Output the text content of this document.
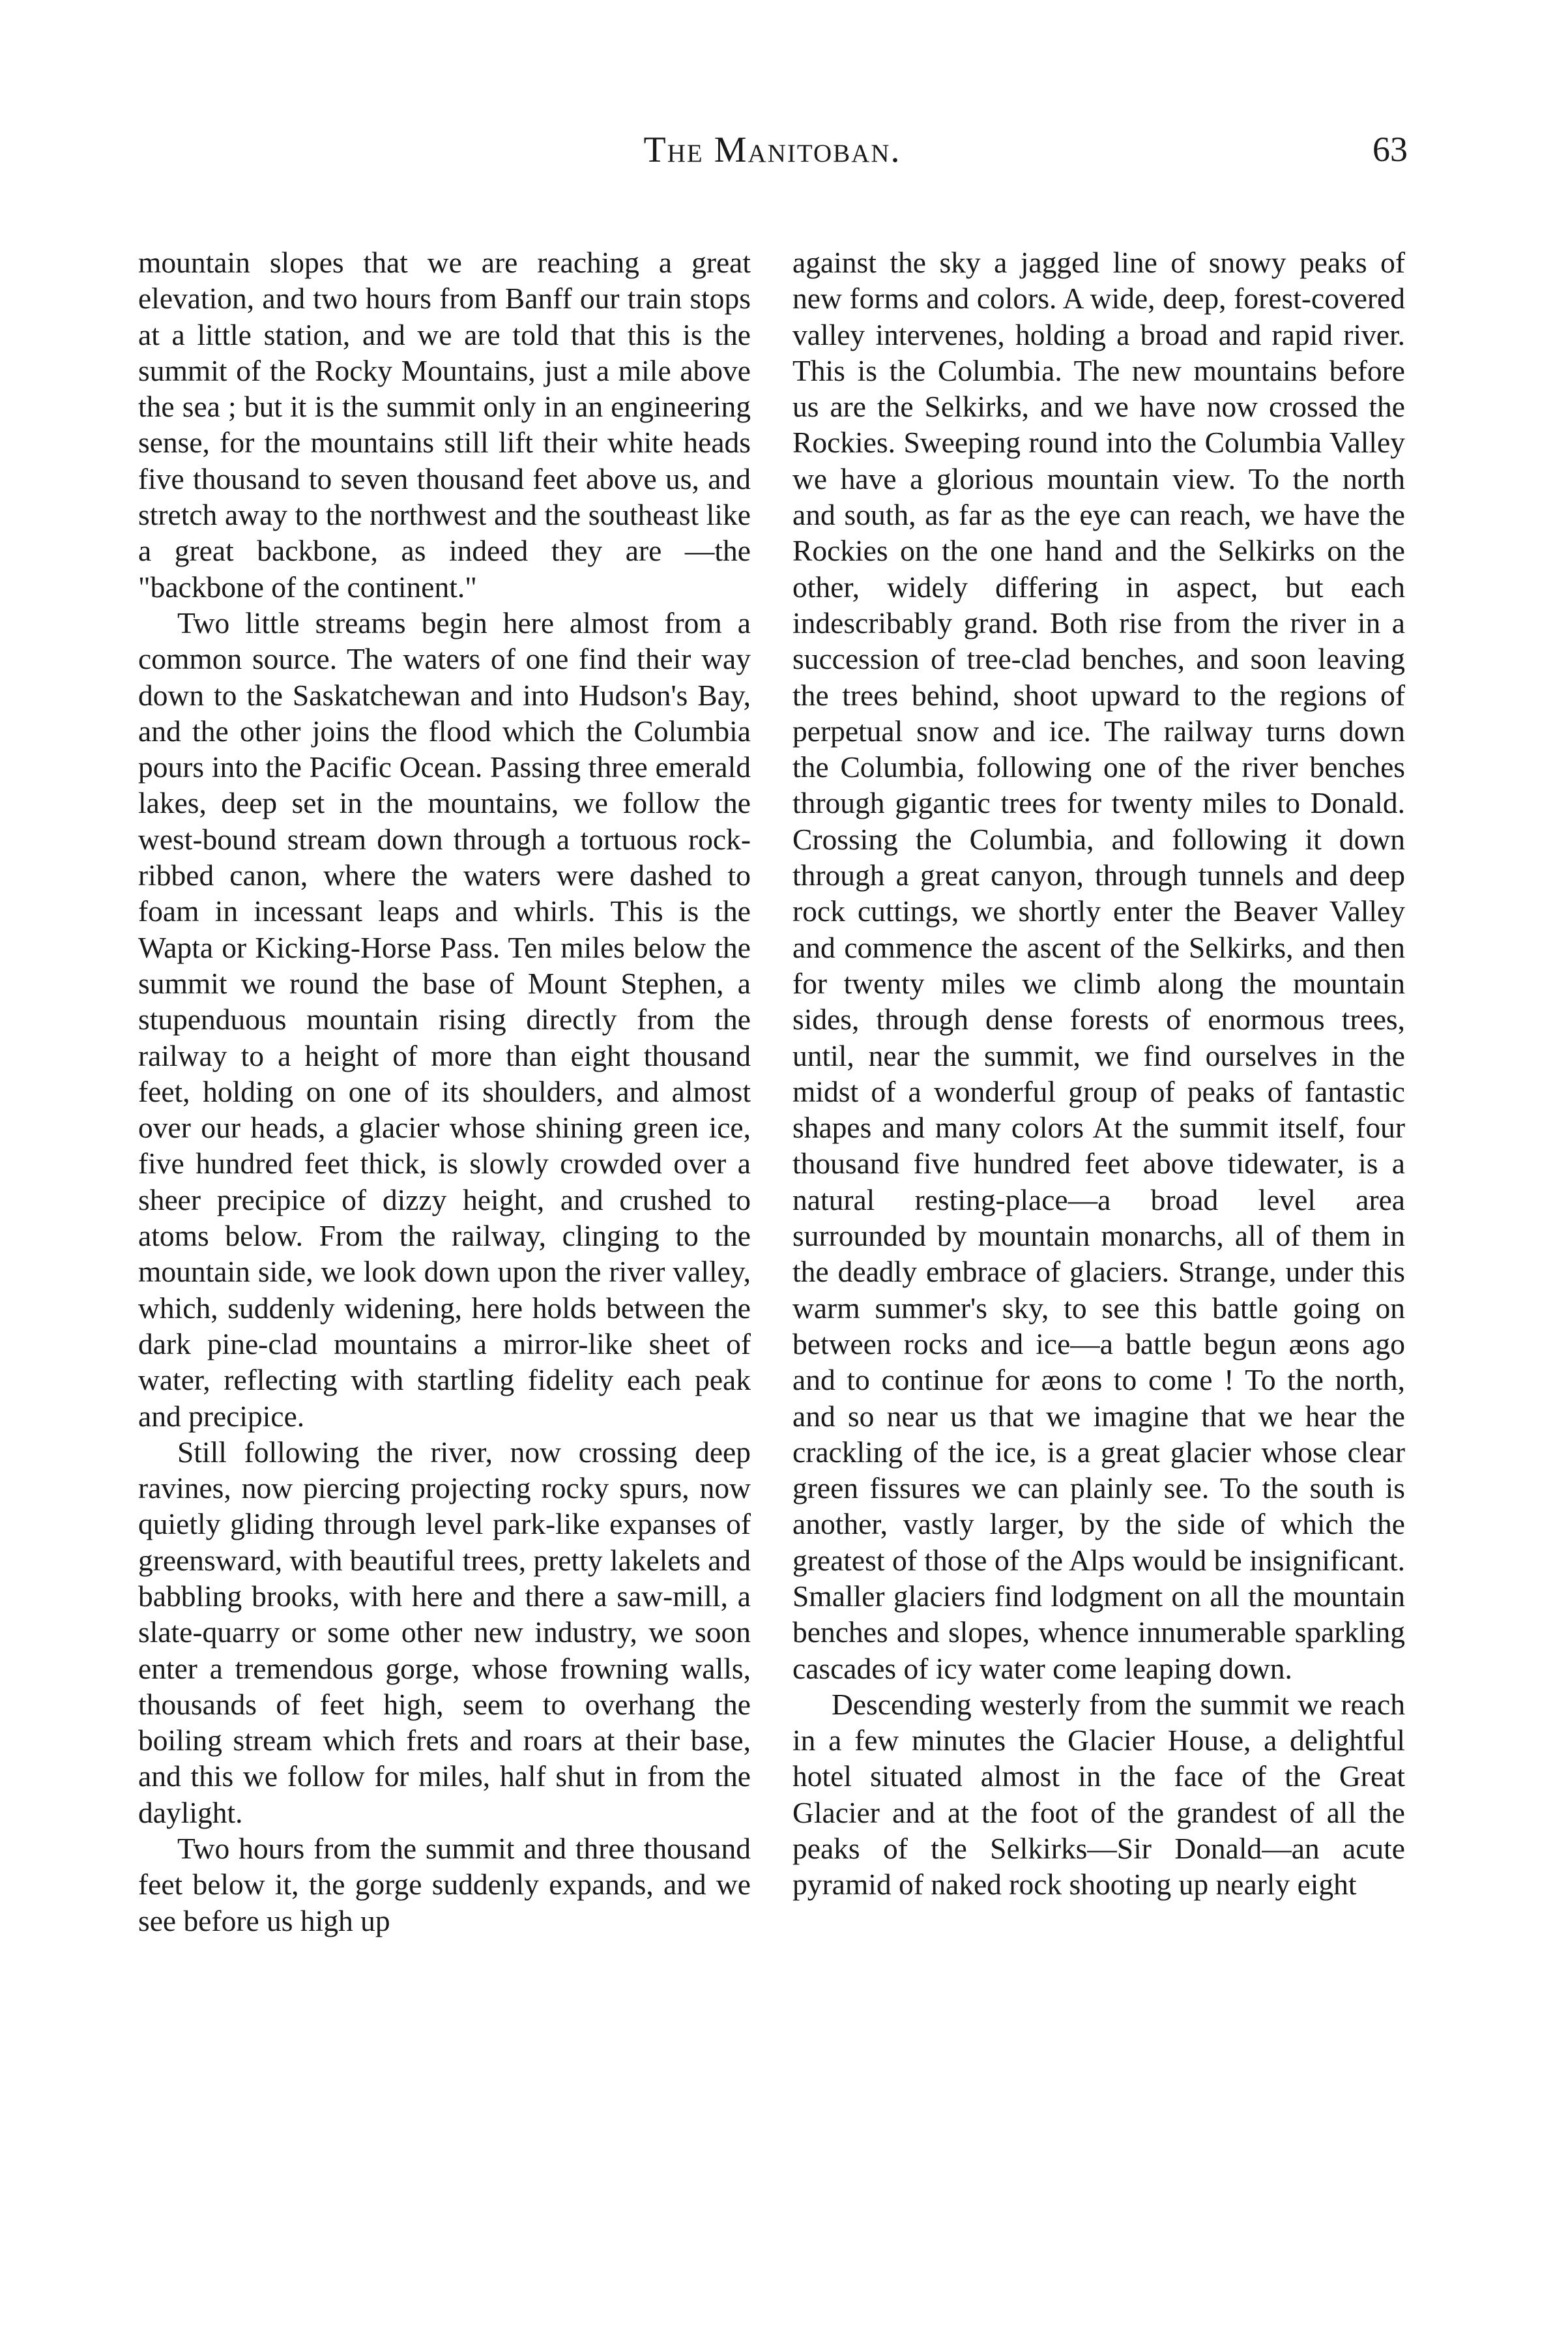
The Manitoban.	63

mountain slopes that we are reaching a great elevation, and two hours from Banff our train stops at a little station, and we are told that this is the summit of the Rocky Mountains, just a mile above the sea ; but it is the summit only in an engineering sense, for the mountains still lift their white heads five thousand to seven thousand feet above us, and stretch away to the northwest and the southeast like a great backbone, as indeed they are —the "backbone of the continent."

Two little streams begin here almost from a common source. The waters of one find their way down to the Saskatchewan and into Hudson's Bay, and the other joins the flood which the Columbia pours into the Pacific Ocean. Passing three emerald lakes, deep set in the mountains, we follow the west-bound stream down through a tortuous rock-ribbed canon, where the waters were dashed to foam in incessant leaps and whirls. This is the Wapta or Kicking-Horse Pass. Ten miles below the summit we round the base of Mount Stephen, a stupenduous mountain rising directly from the railway to a height of more than eight thousand feet, holding on one of its shoulders, and almost over our heads, a glacier whose shining green ice, five hundred feet thick, is slowly crowded over a sheer precipice of dizzy height, and crushed to atoms below. From the railway, clinging to the mountain side, we look down upon the river valley, which, suddenly widening, here holds between the dark pine-clad mountains a mirror-like sheet of water, reflecting with startling fidelity each peak and precipice.

Still following the river, now crossing deep ravines, now piercing projecting rocky spurs, now quietly gliding through level park-like expanses of greensward, with beautiful trees, pretty lakelets and babbling brooks, with here and there a saw-mill, a slate-quarry or some other new industry, we soon enter a tremendous gorge, whose frowning walls, thousands of feet high, seem to overhang the boiling stream which frets and roars at their base, and this we follow for miles, half shut in from the daylight.

Two hours from the summit and three thousand feet below it, the gorge suddenly expands, and we see before us high up

against the sky a jagged line of snowy peaks of new forms and colors. A wide, deep, forest-covered valley intervenes, holding a broad and rapid river. This is the Columbia. The new mountains before us are the Selkirks, and we have now crossed the Rockies. Sweeping round into the Columbia Valley we have a glorious mountain view. To the north and south, as far as the eye can reach, we have the Rockies on the one hand and the Selkirks on the other, widely differing in aspect, but each indescribably grand. Both rise from the river in a succession of tree-clad benches, and soon leaving the trees behind, shoot upward to the regions of perpetual snow and ice. The railway turns down the Columbia, following one of the river benches through gigantic trees for twenty miles to Donald. Crossing the Columbia, and following it down through a great canyon, through tunnels and deep rock cuttings, we shortly enter the Beaver Valley and commence the ascent of the Selkirks, and then for twenty miles we climb along the mountain sides, through dense forests of enormous trees, until, near the summit, we find ourselves in the midst of a wonderful group of peaks of fantastic shapes and many colors At the summit itself, four thousand five hundred feet above tidewater, is a natural resting-place—a broad level area surrounded by mountain monarchs, all of them in the deadly embrace of glaciers. Strange, under this warm summer's sky, to see this battle going on between rocks and ice—a battle begun æons ago and to continue for æons to come ! To the north, and so near us that we imagine that we hear the crackling of the ice, is a great glacier whose clear green fissures we can plainly see. To the south is another, vastly larger, by the side of which the greatest of those of the Alps would be insignificant. Smaller glaciers find lodgment on all the mountain benches and slopes, whence innumerable sparkling cascades of icy water come leaping down.

Descending westerly from the summit we reach in a few minutes the Glacier House, a delightful hotel situated almost in the face of the Great Glacier and at the foot of the grandest of all the peaks of the Selkirks—Sir Donald—an acute pyramid of naked rock shooting up nearly eight
